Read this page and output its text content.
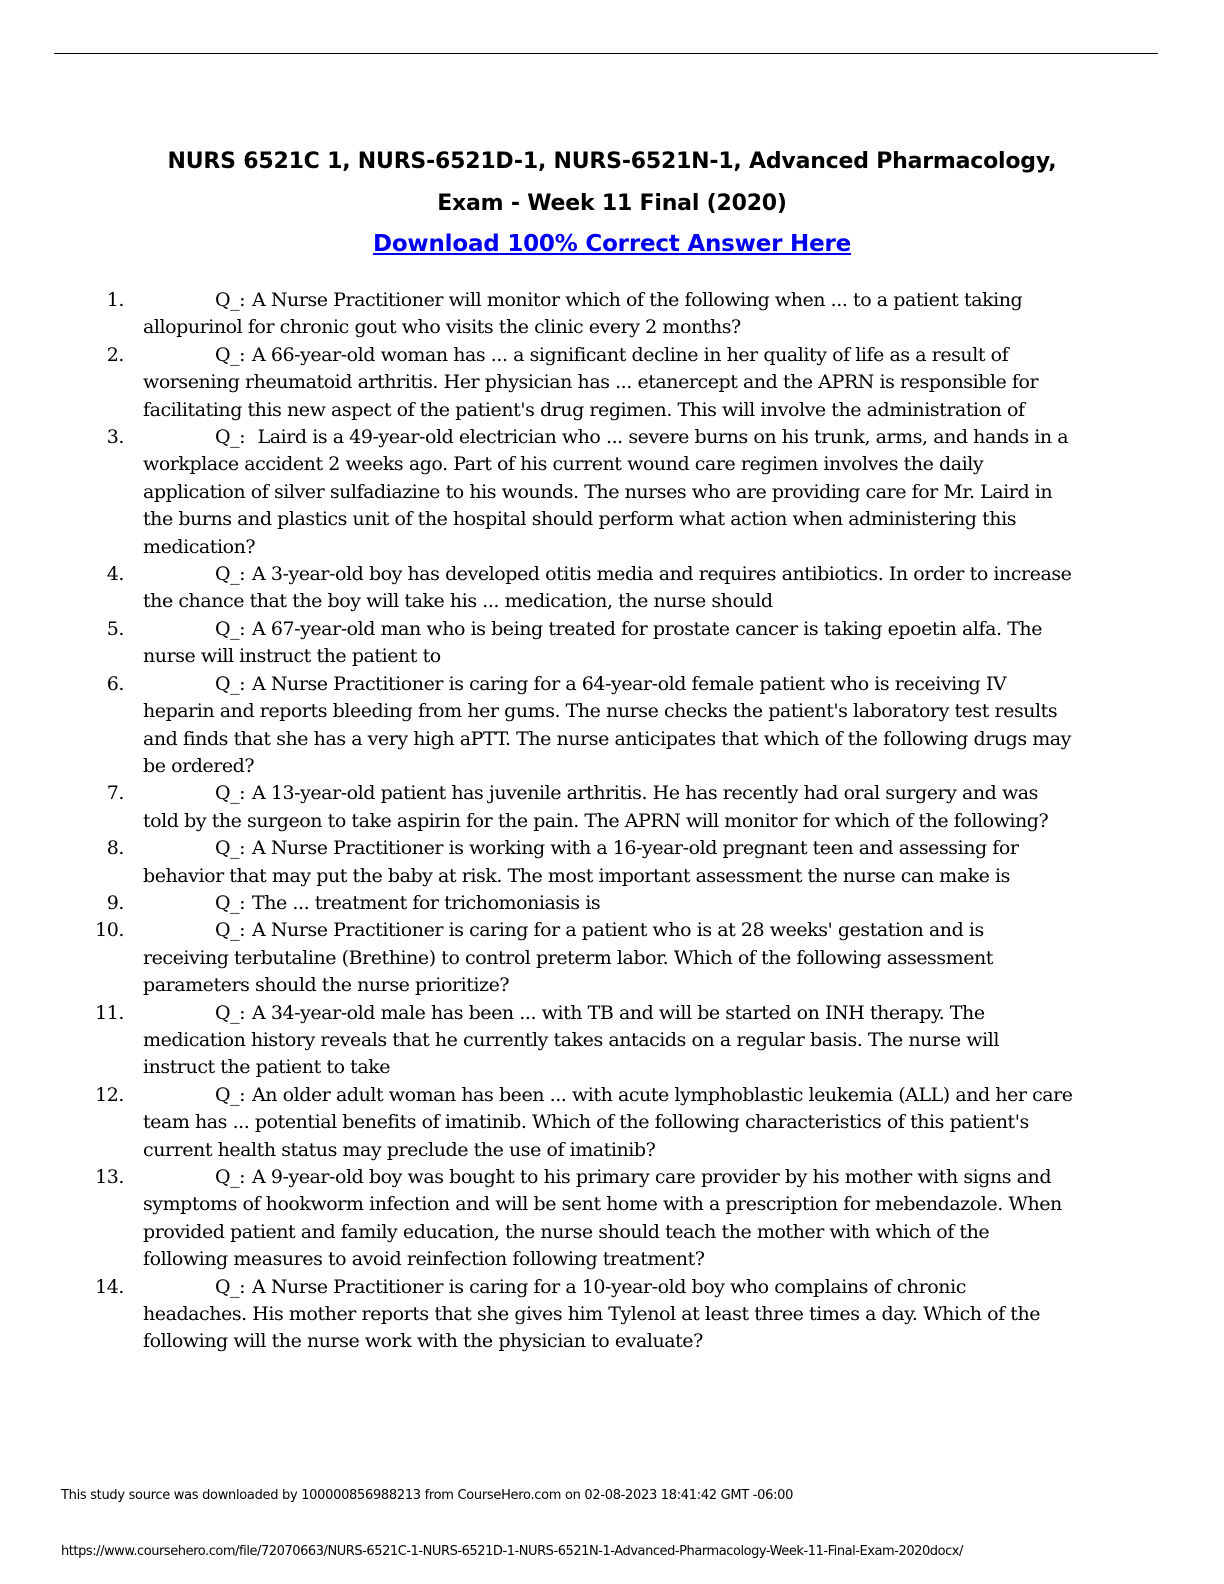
NURS 6521C 1, NURS-6521D-1, NURS-6521N-1, Advanced Pharmacology,
Exam - Week 11 Final (2020)
Download 100% Correct Answer Here
1.	Q_: A Nurse Practitioner will monitor which of the following when ... to a patient taking allopurinol for chronic gout who visits the clinic every 2 months?
2.	Q_: A 66-year-old woman has ... a significant decline in her quality of life as a result of worsening rheumatoid arthritis. Her physician has ... etanercept and the APRN is responsible for facilitating this new aspect of the patient's drug regimen. This will involve the administration of
3.	Q_: Laird is a 49-year-old electrician who ... severe burns on his trunk, arms, and hands in a workplace accident 2 weeks ago. Part of his current wound care regimen involves the daily application of silver sulfadiazine to his wounds. The nurses who are providing care for Mr. Laird in the burns and plastics unit of the hospital should perform what action when administering this medication?
4.	Q_: A 3-year-old boy has developed otitis media and requires antibiotics. In order to increase the chance that the boy will take his ... medication, the nurse should
5.	Q_: A 67-year-old man who is being treated for prostate cancer is taking epoetin alfa. The nurse will instruct the patient to
6.	Q_: A Nurse Practitioner is caring for a 64-year-old female patient who is receiving IV heparin and reports bleeding from her gums. The nurse checks the patient's laboratory test results and finds that she has a very high aPTT. The nurse anticipates that which of the following drugs may be ordered?
7.	Q_: A 13-year-old patient has juvenile arthritis. He has recently had oral surgery and was told by the surgeon to take aspirin for the pain. The APRN will monitor for which of the following?
8.	Q_: A Nurse Practitioner is working with a 16-year-old pregnant teen and assessing for behavior that may put the baby at risk. The most important assessment the nurse can make is
9.	Q_: The ... treatment for trichomoniasis is
10.	Q_: A Nurse Practitioner is caring for a patient who is at 28 weeks' gestation and is receiving terbutaline (Brethine) to control preterm labor. Which of the following assessment parameters should the nurse prioritize?
11.	Q_: A 34-year-old male has been ... with TB and will be started on INH therapy. The medication history reveals that he currently takes antacids on a regular basis. The nurse will instruct the patient to take
12.	Q_: An older adult woman has been ... with acute lymphoblastic leukemia (ALL) and her care team has ... potential benefits of imatinib. Which of the following characteristics of this patient's current health status may preclude the use of imatinib?
13.	Q_: A 9-year-old boy was bought to his primary care provider by his mother with signs and symptoms of hookworm infection and will be sent home with a prescription for mebendazole. When provided patient and family education, the nurse should teach the mother with which of the following measures to avoid reinfection following treatment?
14.	Q_: A Nurse Practitioner is caring for a 10-year-old boy who complains of chronic headaches. His mother reports that she gives him Tylenol at least three times a day. Which of the following will the nurse work with the physician to evaluate?
This study source was downloaded by 100000856988213 from CourseHero.com on 02-08-2023 18:41:42 GMT -06:00
https://www.coursehero.com/file/72070663/NURS-6521C-1-NURS-6521D-1-NURS-6521N-1-Advanced-Pharmacology-Week-11-Final-Exam-2020docx/
